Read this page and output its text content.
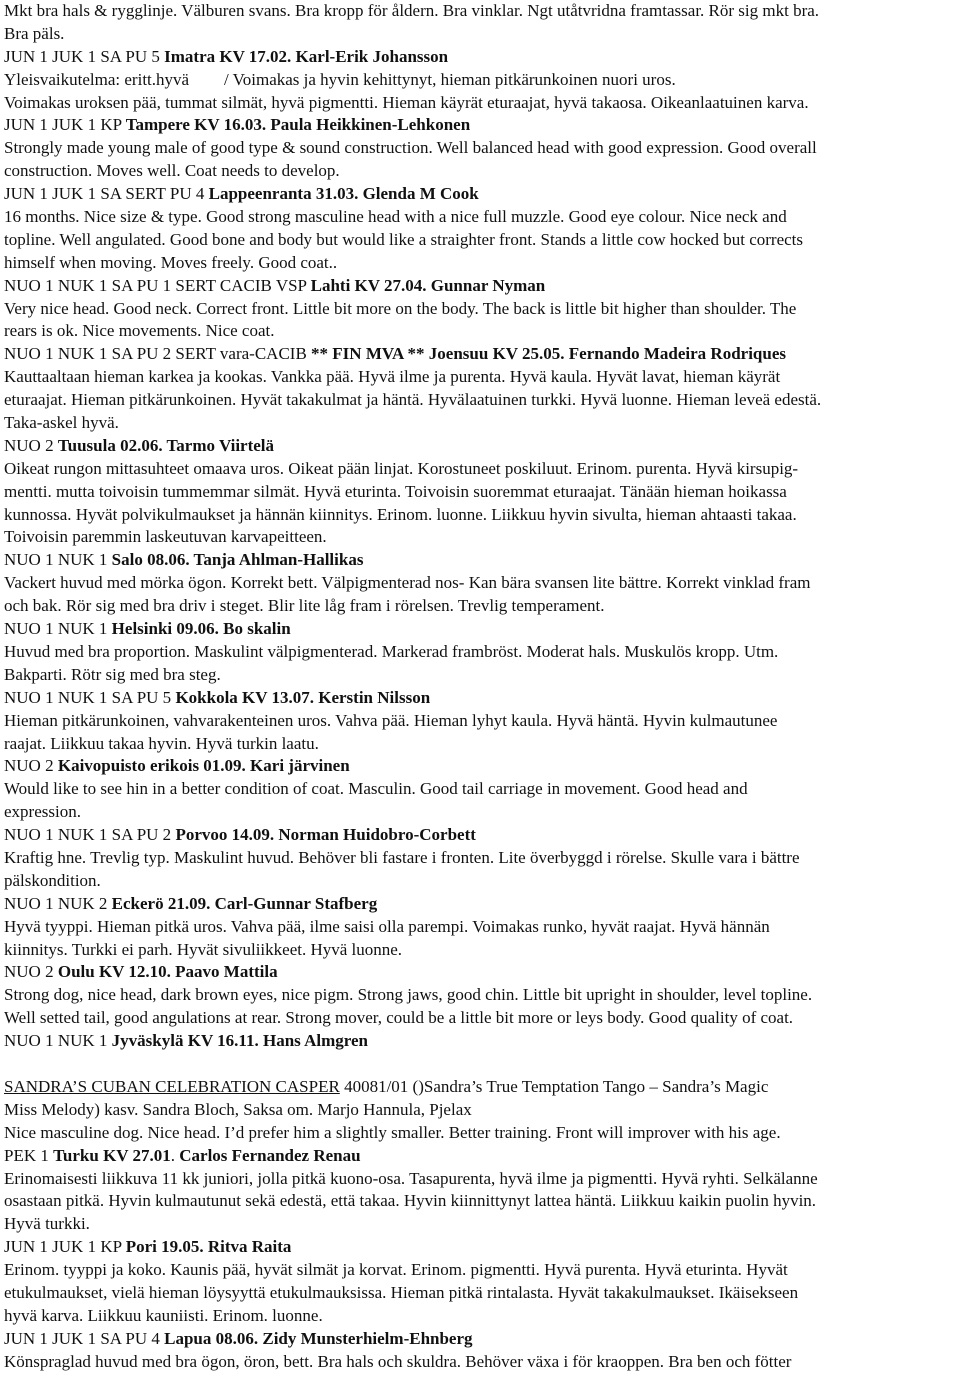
Mkt bra hals & rygglinje. Välburen svans. Bra kropp för åldern. Bra vinklar. Ngt utåtvridna framtassar. Rör sig mkt bra.
Bra päls.
JUN 1 JUK 1 SA PU 5 Imatra KV 17.02. Karl-Erik Johansson
Yleisvaikutelma: eritt.hyvä / Voimakas ja hyvin kehittynyt, hieman pitkärunkoinen nuori uros.
Voimakas uroksen pää, tummat silmät, hyvä pigmentti. Hieman käyrät eturaajat, hyvä takaosa. Oikeanlaatuinen karva.
JUN 1 JUK 1 KP Tampere KV 16.03. Paula Heikkinen-Lehkonen
Strongly made young male of good type & sound construction. Well balanced head with good expression. Good overall
construction. Moves well. Coat needs to develop.
JUN 1 JUK 1 SA SERT PU 4 Lappeenranta 31.03. Glenda M Cook
16 months. Nice size & type. Good strong masculine head with a nice full muzzle. Good eye colour. Nice neck and
topline. Well angulated. Good bone and body but would like a straighter front. Stands a little cow hocked but corrects
himself when moving. Moves freely. Good coat..
NUO 1 NUK 1 SA PU 1 SERT CACIB VSP Lahti KV 27.04. Gunnar Nyman
Very nice head. Good neck. Correct front. Little bit more on the body. The back is little bit higher than shoulder. The
rears is ok. Nice movements. Nice coat.
NUO 1 NUK 1 SA PU 2 SERT vara-CACIB ** FIN MVA ** Joensuu KV 25.05. Fernando Madeira Rodriques
Kauttaaltaan hieman karkea ja kookas. Vankka pää. Hyvä ilme ja purenta. Hyvä kaula. Hyvät lavat, hieman käyrät
eturaajat. Hieman pitkärunkoinen. Hyvät takakulmat ja häntä. Hyvälaatuinen turkki. Hyvä luonne. Hieman leveä edestä.
Taka-askel hyvä.
NUO 2 Tuusula 02.06. Tarmo Viirtelä
Oikeat rungon mittasuhteet omaava uros. Oikeat pään linjat. Korostuneet poskiluut. Erinom. purenta. Hyvä kirsupig-
mentti. mutta toivoisin tummemmar silmät. Hyvä eturinta. Toivoisin suoremmat eturaajat. Tänään hieman hoikassa
kunnossa. Hyvät polvikulmaukset ja hännän kiinnitys. Erinom. luonne. Liikkuu hyvin sivulta, hieman ahtaasti takaa.
Toivoisin paremmin laskeutuvan karvapeitteen.
NUO 1 NUK 1 Salo 08.06. Tanja Ahlman-Hallikas
Vackert huvud med mörka ögon. Korrekt bett. Välpigmenterad nos- Kan bära svansen lite bättre. Korrekt vinklad fram
och bak. Rör sig med bra driv i steget. Blir lite låg fram i rörelsen. Trevlig temperament.
NUO 1 NUK 1 Helsinki 09.06. Bo skalin
Huvud med bra proportion. Maskulint välpigmenterad. Markerad frambröst. Moderat hals. Muskulös kropp. Utm.
Bakparti. Rötr sig med bra steg.
NUO 1 NUK 1 SA PU 5 Kokkola KV 13.07. Kerstin Nilsson
Hieman pitkärunkoinen, vahvarakenteinen uros. Vahva pää. Hieman lyhyt kaula. Hyvä häntä. Hyvin kulmautunee
raajat. Liikkuu takaa hyvin. Hyvä turkin laatu.
NUO 2 Kaivopuisto erikois 01.09. Kari järvinen
Would like to see hin in a better condition of coat. Masculin. Good tail carriage in movement. Good head and
expression.
NUO 1 NUK 1 SA PU 2 Porvoo 14.09. Norman Huidobro-Corbett
Kraftig hne. Trevlig typ. Maskulint huvud. Behöver bli fastare i fronten. Lite överbyggd i rörelse. Skulle vara i bättre
pälskondition.
NUO 1 NUK 2 Eckerö 21.09. Carl-Gunnar Stafberg
Hyvä tyyppi. Hieman pitkä uros. Vahva pää, ilme saisi olla parempi. Voimakas runko, hyvät raajat. Hyvä hännän
kiinnitys. Turkki ei parh. Hyvät sivuliikkeet. Hyvä luonne.
NUO 2 Oulu KV 12.10. Paavo Mattila
Strong dog, nice head, dark brown eyes, nice pigm. Strong jaws, good chin. Little bit upright in shoulder, level topline.
Well setted tail, good angulations at rear. Strong mover, could be a little bit more or leys body. Good quality of coat.
NUO 1 NUK 1 Jyväskylä KV 16.11. Hans Almgren
SANDRA’S CUBAN CELEBRATION CASPER 40081/01 ()Sandra’s True Temptation Tango – Sandra’s Magic
Miss Melody) kasv. Sandra Bloch, Saksa om. Marjo Hannula, Pjelax
Nice masculine dog. Nice head. I’d prefer him a slightly smaller. Better training. Front will improver with his age.
PEK 1 Turku KV 27.01. Carlos Fernandez Renau
Erinomaisesti liikkuva 11 kk juniori, jolla pitkä kuono-osa. Tasapurenta, hyvä ilme ja pigmentti. Hyvä ryhti. Selkälanne
osastaan pitkä. Hyvin kulmautunut sekä edestä, että takaa. Hyvin kiinnittynyt lattea häntä. Liikkuu kaikin puolin hyvin.
Hyvä turkki.
JUN 1 JUK 1 KP Pori 19.05. Ritva Raita
Erinom. tyyppi ja koko. Kaunis pää, hyvät silmät ja korvat. Erinom. pigmentti. Hyvä purenta. Hyvä eturinta. Hyvät
etukulmaukset, vielä hieman löysyyttä etukulmauksissa. Hieman pitkä rintalasta. Hyvät takakulmaukset. Ikäisekseen
hyvä karva. Liikkuu kauniisti. Erinom. luonne.
JUN 1 JUK 1 SA PU 4 Lapua 08.06. Zidy Munsterhielm-Ehnberg
Könspraglad huvud med bra ögon, öron, bett. Bra hals och skuldra. Behöver växa i för kraoppen. Bra ben och fötter
